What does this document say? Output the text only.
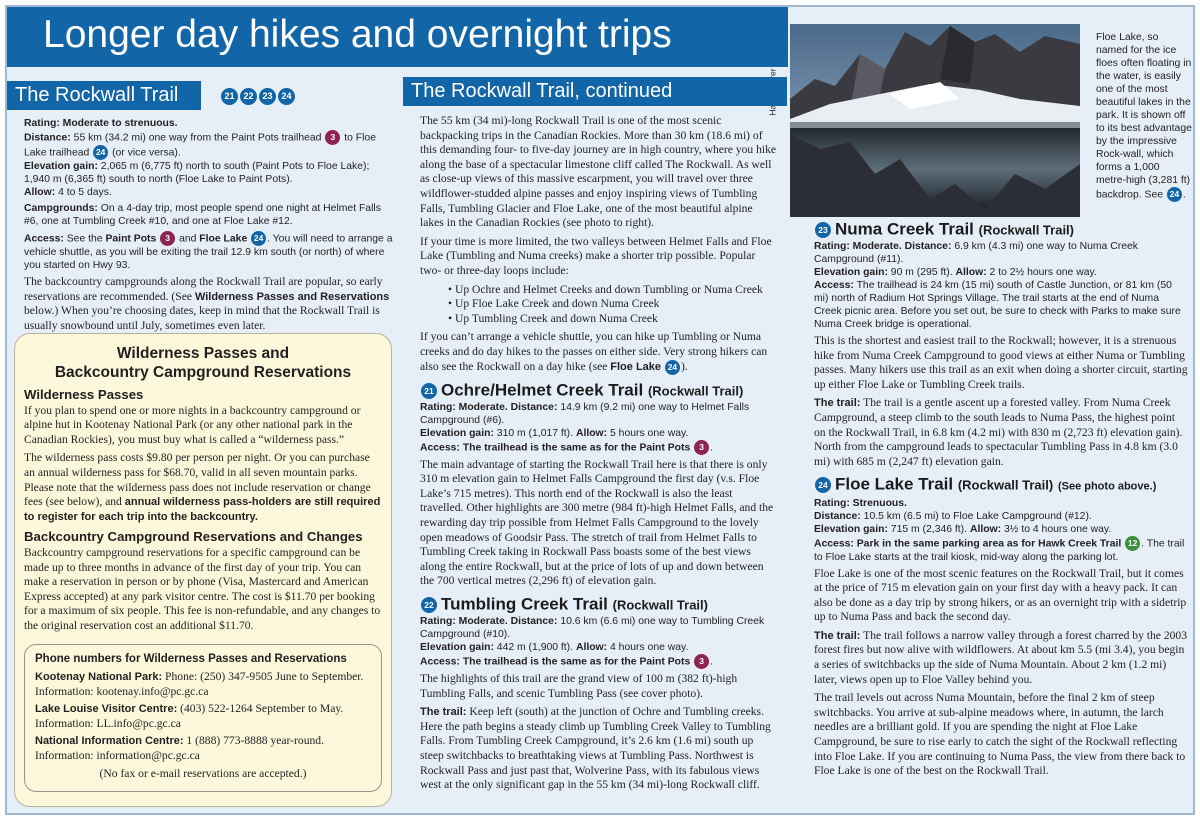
Longer day hikes and overnight trips	Floe Lake, so named for the ice floes often floating in the water, is easily one of the most beautiful lakes in the park. It is shown off to its best advantage by the impressive Rock-wall, which forms a 1,000 metre-high (3,281 ft) backdrop. See 24 .
The Rockwall Trail	21 22 23 24

Rating: Moderate to strenuous.

Distance: 55 km (34.2 mi) one way from the Paint Pots trailhead 3 to Floe Lake trailhead 24 (or vice versa).

Elevation gain: 2,065 m (6,775 ft) north to south (Paint Pots to Floe Lake); 1,940 m (6,365 ft) south to north (Floe Lake to Paint Pots).

Allow: 4 to 5 days.

Campgrounds: On a 4-day trip, most people spend one night at Helmet Falls #6, one at Tumbling Creek #10, and one at Floe Lake #12.

Access: See the Paint Pots 3 and Floe Lake 24 . You will need to arrange a vehicle shuttle, as you will be exiting the trail 12.9 km south (or north) of where you started on Hwy 93.

The backcountry campgrounds along the Rockwall Trail are popular, so early reservations are recommended. (See Wilderness Passes and Reservations below.) When you’re choosing dates, keep in mind that the Rockwall Trail is usually snowbound until July, sometimes even later.

Wilderness Passes and
Backcountry Campground Reservations
Wilderness Passes

If you plan to spend one or more nights in a backcountry campground or alpine hut in Kootenay National Park (or any other national park in the Canadian Rockies), you must buy what is called a “wilderness pass.”

The wilderness pass costs $9.80 per person per night. Or you can purchase an annual wilderness pass for $68.70, valid in all seven mountain parks. Please note that the wilderness pass does not include reservation or change fees (see below), and annual wilderness pass-holders are still required to register for each trip into the backcountry.

Backcountry Campground Reservations and Changes

Backcountry campground reservations for a specific campground can be made up to three months in advance of the first day of your trip. You can make a reservation in person or by phone (Visa, Mastercard and American Express accepted) at any park visitor centre. The cost is $11.70 per booking for a maximum of six people. This fee is non-refundable, and any changes to the original reservation cost an additional $11.70.

Phone numbers for Wilderness Passes and Reservations

Kootenay National Park: Phone: (250) 347-9505 June to September.
Information: kootenay.info@pc.gc.ca

Lake Louise Visitor Centre: (403) 522-1264 September to May.
Information: LL.info@pc.gc.ca

National Information Centre: 1 (888) 773-8888 year-round.
Information: information@pc.gc.ca

(No fax or e-mail reservations are accepted.)

The Rockwall Trail, continued

The 55 km (34 mi)-long Rockwall Trail is one of the most scenic backpacking trips in the Canadian Rockies. More than 30 km (18.6 mi) of this demanding four- to five-day journey are in high country, where you hike along the base of a spectacular limestone cliff called The Rockwall. As well as close-up views of this massive escarpment, you will travel over three wildflower-studded alpine passes and enjoy inspiring views of Tumbling Falls, Tumbling Glacier and Floe Lake, one of the most beautiful alpine lakes in the Canadian Rockies (see photo to right).

If your time is more limited, the two valleys between Helmet Falls and Floe Lake (Tumbling and Numa creeks) make a shorter trip possible. Popular two- or three-day loops include:

• Up Ochre and Helmet Creeks and down Tumbling or Numa Creek
• Up Floe Lake Creek and down Numa Creek
• Up Tumbling Creek and down Numa Creek

If you can’t arrange a vehicle shuttle, you can hike up Tumbling or Numa creeks and do day hikes to the passes on either side. Very strong hikers can also see the Rockwall on a day hike (see Floe Lake 24 ).

21 Ochre/Helmet Creek Trail (Rockwall Trail)

Rating: Moderate. Distance: 14.9 km (9.2 mi) one way to Helmet Falls Campground (#6).

Elevation gain: 310 m (1,017 ft). Allow: 5 hours one way.

Access: The trailhead is the same as for the Paint Pots 3 .

The main advantage of starting the Rockwall Trail here is that there is only 310 m elevation gain to Helmet Falls Campground the first day (v.s. Floe Lake’s 715 metres). This north end of the Rockwall is also the least travelled. Other highlights are 300 metre (984 ft)-high Helmet Falls, and the rewarding day trip possible from Helmet Falls Campground to the lovely open meadows of Goodsir Pass. The stretch of trail from Helmet Falls to Tumbling Creek taking in Rockwall Pass boasts some of the best views along the entire Rockwall, but at the price of lots of up and down between the 700 vertical metres (2,296 ft) of elevation gain.

22 Tumbling Creek Trail (Rockwall Trail)

Rating: Moderate. Distance: 10.6 km (6.6 mi) one way to Tumbling Creek Campground (#10).

Elevation gain: 442 m (1,900 ft). Allow: 4 hours one way.

Access: The trailhead is the same as for the Paint Pots 3 .

The highlights of this trail are the grand view of 100 m (382 ft)-high Tumbling Falls, and scenic Tumbling Pass (see cover photo).

The trail: Keep left (south) at the junction of Ochre and Tumbling creeks. Here the path begins a steady climb up Tumbling Creek Valley to Tumbling Falls. From Tumbling Creek Campground, it’s 2.6 km (1.6 mi) south up steep switchbacks to breathtaking views at Tumbling Pass. Northwest is Rockwall Pass and just past that, Wolverine Pass, with its fabulous views west at the only significant gap in the 55 km (34 mi)-long Rockwall cliff.

23 Numa Creek Trail (Rockwall Trail)

Rating: Moderate. Distance: 6.9 km (4.3 mi) one way to Numa Creek Campground (#11).

Elevation gain: 90 m (295 ft). Allow: 2 to 2½ hours one way.

Access: The trailhead is 24 km (15 mi) south of Castle Junction, or 81 km (50 mi) north of Radium Hot Springs Village. The trail starts at the end of Numa Creek picnic area. Before you set out, be sure to check with Parks to make sure Numa Creek bridge is operational.

This is the shortest and easiest trail to the Rockwall; however, it is a strenuous hike from Numa Creek Campground to good views at either Numa or Tumbling passes. Many hikers use this trail as an exit when doing a shorter circuit, starting up either Floe Lake or Tumbling Creek trails.

The trail: The trail is a gentle ascent up a forested valley. From Numa Creek Campground, a steep climb to the south leads to Numa Pass, the highest point on the Rockwall Trail, in 6.8 km (4.2 mi) with 830 m (2,723 ft) elevation gain). North from the campground leads to spectacular Tumbling Pass in 4.8 km (3.0 mi) with 685 m (2,247 ft) elevation gain.

24 Floe Lake Trail (Rockwall Trail) (See photo above.)

Rating: Strenuous.

Distance: 10.5 km (6.5 mi) to Floe Lake Campground (#12).

Elevation gain: 715 m (2,346 ft). Allow: 3½ to 4 hours one way.

Access: Park in the same parking area as for Hawk Creek Trail 12 . The trail to Floe Lake starts at the trail kiosk, mid-way along the parking lot.

Floe Lake is one of the most scenic features on the Rockwall Trail, but it comes at the price of 715 m elevation gain on your first day with a heavy pack. It can also be done as a day trip by strong hikers, or as an overnight trip with a sidetrip up to Numa Pass and back the second day.

The trail: The trail follows a narrow valley through a forest charred by the 2003 forest fires but now alive with wildflowers. At about km 5.5 (mi 3.4), you begin a series of switchbacks up the side of Numa Mountain. About 2 km (1.2 mi) later, views open up to Floe Valley behind you.

The trail levels out across Numa Mountain, before the final 2 km of steep switchbacks. You arrive at sub-alpine meadows where, in autumn, the larch needles are a brilliant gold. If you are spending the night at Floe Lake Campground, be sure to rise early to catch the sight of the Rockwall reflecting into Floe Lake. If you are continuing to Numa Pass, the view from there back to Floe Lake is one of the best on the Rockwall Trail.
